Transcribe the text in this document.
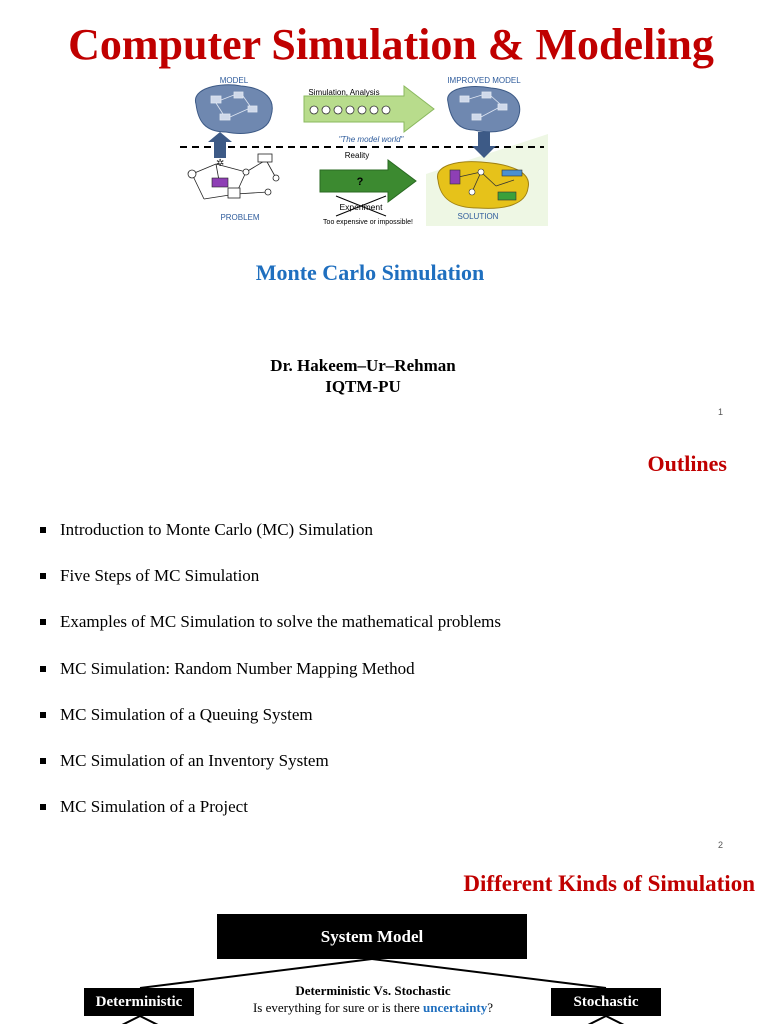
Computer Simulation & Modeling
MODEL
Simulation, Analysis
"The model world"
IMPROVED MODEL
Reality
✲
PROBLEM
?
Experiment
Too expensive or impossible!
SOLUTION
Monte Carlo Simulation
Dr. Hakeem–Ur–Rehman
IQTM-PU
1
Outlines
Introduction to Monte Carlo (MC) Simulation
Five Steps of MC Simulation
Examples of MC Simulation to solve the mathematical problems
MC Simulation: Random Number Mapping Method
MC Simulation of a Queuing System
MC Simulation of an Inventory System
MC Simulation of a Project
2
Different Kinds of Simulation
System Model
Deterministic	Stochastic
Deterministic Vs. Stochastic
Is everything for sure or is there uncertainty?
